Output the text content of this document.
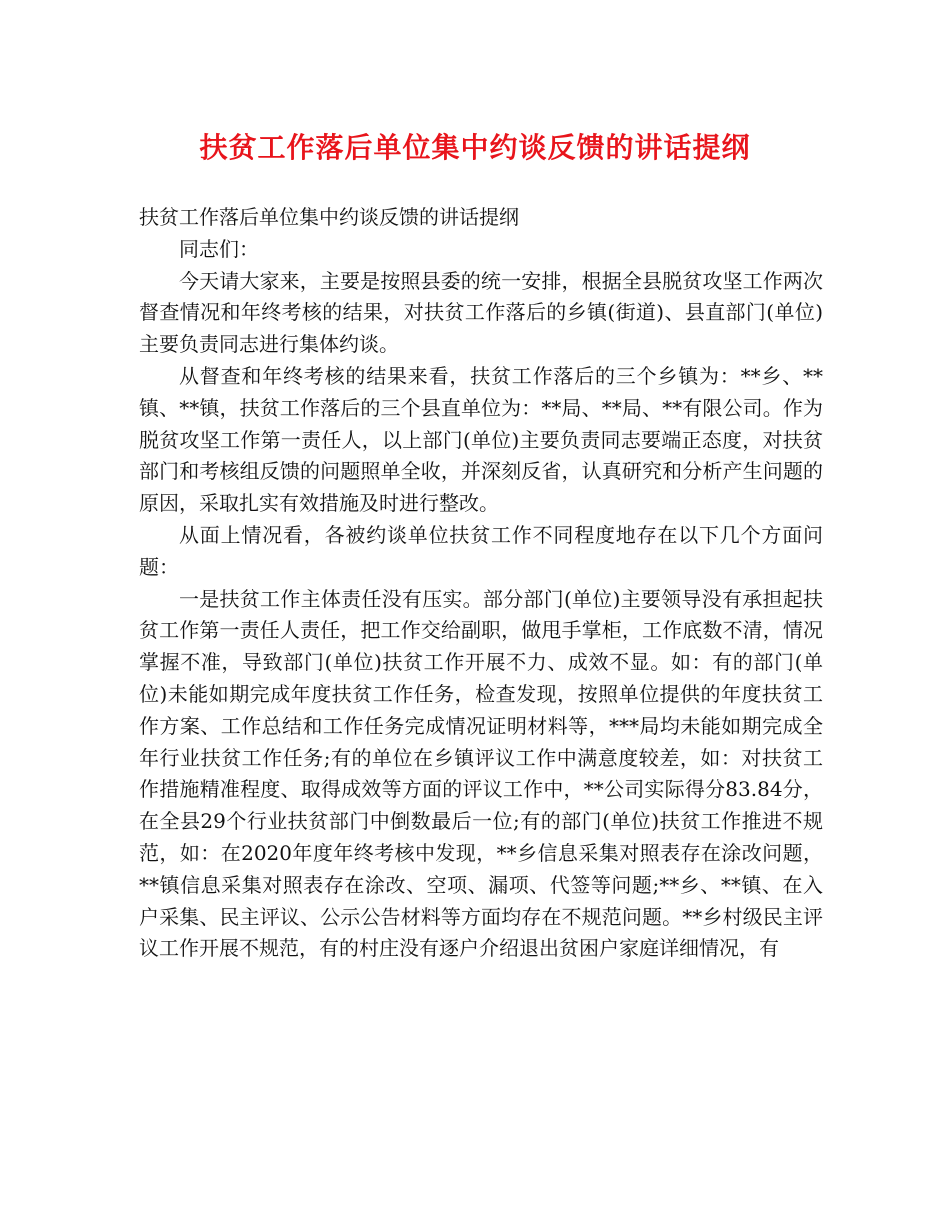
扶贫工作落后单位集中约谈反馈的讲话提纲

扶贫工作落后单位集中约谈反馈的讲话提纲

同志们：

今天请大家来，主要是按照县委的统一安排，根据全县脱贫攻坚工作两次督查情况和年终考核的结果，对扶贫工作落后的乡镇(街道)、县直部门(单位)主要负责同志进行集体约谈。

从督查和年终考核的结果来看，扶贫工作落后的三个乡镇为：**乡、**镇、**镇，扶贫工作落后的三个县直单位为：**局、**局、**有限公司。作为脱贫攻坚工作第一责任人，以上部门(单位)主要负责同志要端正态度，对扶贫部门和考核组反馈的问题照单全收，并深刻反省，认真研究和分析产生问题的原因，采取扎实有效措施及时进行整改。

从面上情况看，各被约谈单位扶贫工作不同程度地存在以下几个方面问题：

一是扶贫工作主体责任没有压实。部分部门(单位)主要领导没有承担起扶贫工作第一责任人责任，把工作交给副职，做甩手掌柜，工作底数不清，情况掌握不准，导致部门(单位)扶贫工作开展不力、成效不显。如：有的部门(单位)未能如期完成年度扶贫工作任务，检查发现，按照单位提供的年度扶贫工作方案、工作总结和工作任务完成情况证明材料等，***局均未能如期完成全年行业扶贫工作任务;有的单位在乡镇评议工作中满意度较差，如：对扶贫工作措施精准程度、取得成效等方面的评议工作中，**公司实际得分83.84分，在全县29个行业扶贫部门中倒数最后一位;有的部门(单位)扶贫工作推进不规范，如：在2020年度年终考核中发现，**乡信息采集对照表存在涂改问题，**镇信息采集对照表存在涂改、空项、漏项、代签等问题;**乡、**镇、在入户采集、民主评议、公示公告材料等方面均存在不规范问题。**乡村级民主评议工作开展不规范，有的村庄没有逐户介绍退出贫困户家庭详细情况，有
